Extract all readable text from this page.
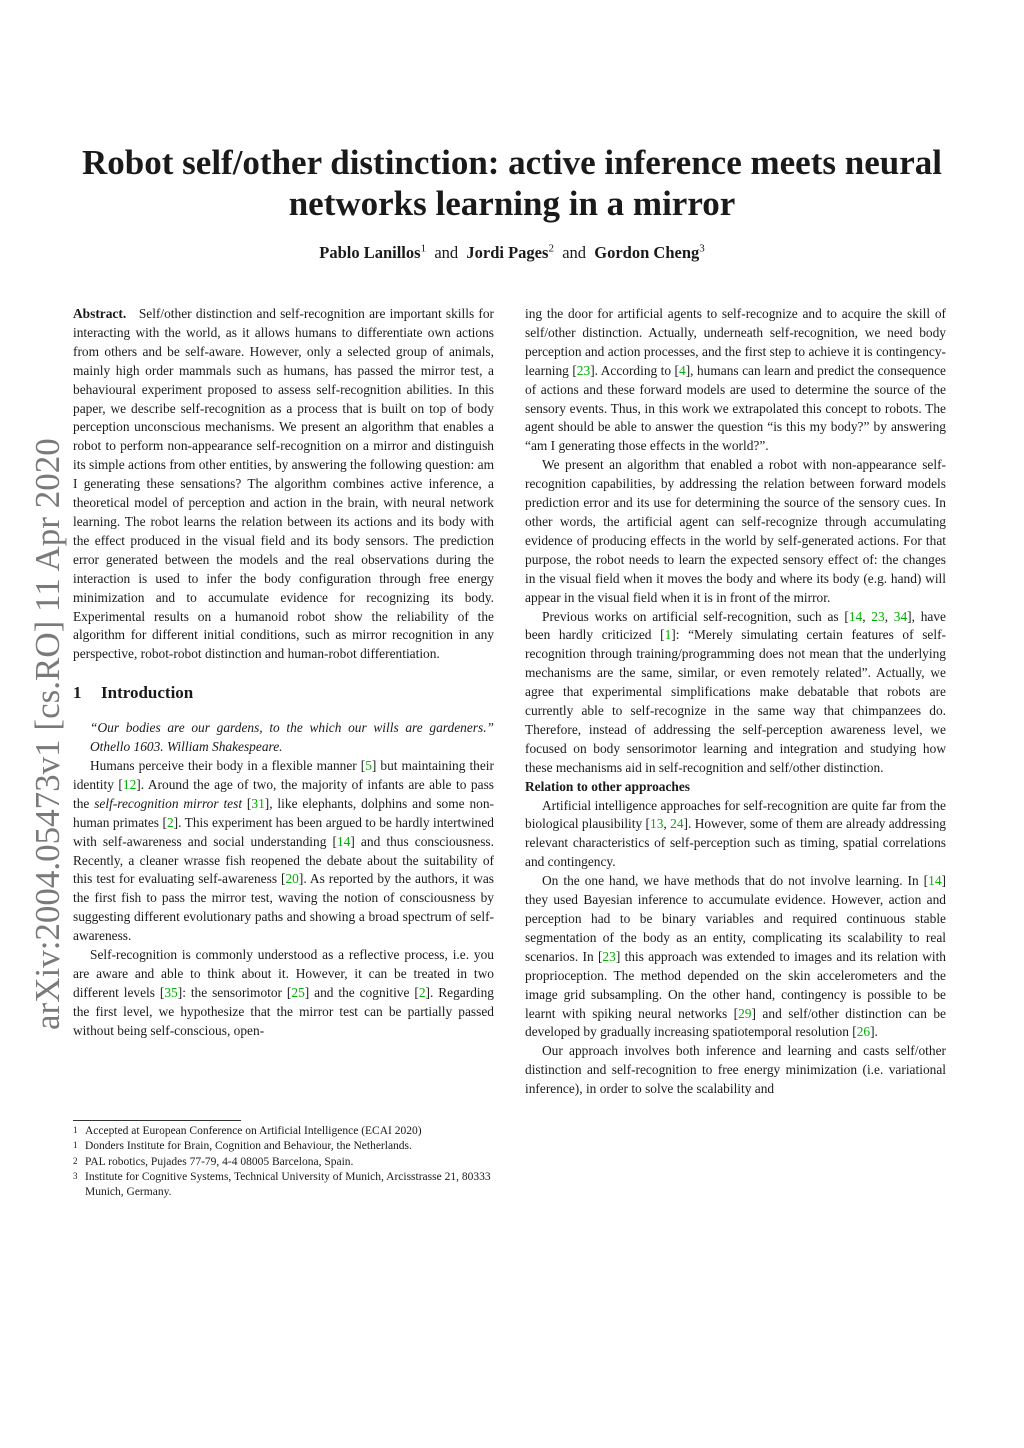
arXiv:2004.05473v1 [cs.RO] 11 Apr 2020
Robot self/other distinction: active inference meets neural networks learning in a mirror
Pablo Lanillos$^1$ and Jordi Pages$^2$ and Gordon Cheng$^3$

Abstract. Self/other distinction and self-recognition are important skills for interacting with the world, as it allows humans to differentiate own actions from others and be self-aware. However, only a selected group of animals, mainly high order mammals such as humans, has passed the mirror test, a behavioural experiment proposed to assess self-recognition abilities. In this paper, we describe self-recognition as a process that is built on top of body perception unconscious mechanisms. We present an algorithm that enables a robot to perform non-appearance self-recognition on a mirror and distinguish its simple actions from other entities, by answering the following question: am I generating these sensations? The algorithm combines active inference, a theoretical model of perception and action in the brain, with neural network learning. The robot learns the relation between its actions and its body with the effect produced in the visual field and its body sensors. The prediction error generated between the models and the real observations during the interaction is used to infer the body configuration through free energy minimization and to accumulate evidence for recognizing its body. Experimental results on a humanoid robot show the reliability of the algorithm for different initial conditions, such as mirror recognition in any perspective, robot-robot distinction and human-robot differentiation.

1 Introduction

“Our bodies are our gardens, to the which our wills are gardeners.” Othello 1603. William Shakespeare.

Humans perceive their body in a flexible manner [5] but maintaining their identity [12]. Around the age of two, the majority of infants are able to pass the self-recognition mirror test [31], like elephants, dolphins and some non-human primates [2]. This experiment has been argued to be hardly intertwined with self-awareness and social understanding [14] and thus consciousness. Recently, a cleaner wrasse fish reopened the debate about the suitability of this test for evaluating self-awareness [20]. As reported by the authors, it was the first fish to pass the mirror test, waving the notion of consciousness by suggesting different evolutionary paths and showing a broad spectrum of self-awareness.

Self-recognition is commonly understood as a reflective process, i.e. you are aware and able to think about it. However, it can be treated in two different levels [35]: the sensorimotor [25] and the cognitive [2]. Regarding the first level, we hypothesize that the mirror test can be partially passed without being self-conscious, open-

1 Accepted at European Conference on Artificial Intelligence (ECAI 2020)
1 Donders Institute for Brain, Cognition and Behaviour, the Netherlands.
2 PAL robotics, Pujades 77-79, 4-4 08005 Barcelona, Spain.
3 Institute for Cognitive Systems, Technical University of Munich, Arcisstrasse 21, 80333 Munich, Germany.

ing the door for artificial agents to self-recognize and to acquire the skill of self/other distinction. Actually, underneath self-recognition, we need body perception and action processes, and the first step to achieve it is contingency-learning [23]. According to [4], humans can learn and predict the consequence of actions and these forward models are used to determine the source of the sensory events. Thus, in this work we extrapolated this concept to robots. The agent should be able to answer the question “is this my body?” by answering “am I generating those effects in the world?”.

We present an algorithm that enabled a robot with non-appearance self-recognition capabilities, by addressing the relation between forward models prediction error and its use for determining the source of the sensory cues. In other words, the artificial agent can self-recognize through accumulating evidence of producing effects in the world by self-generated actions. For that purpose, the robot needs to learn the expected sensory effect of: the changes in the visual field when it moves the body and where its body (e.g. hand) will appear in the visual field when it is in front of the mirror.

Previous works on artificial self-recognition, such as [14, 23, 34], have been hardly criticized [1]: “Merely simulating certain features of self-recognition through training/programming does not mean that the underlying mechanisms are the same, similar, or even remotely related”. Actually, we agree that experimental simplifications make debatable that robots are currently able to self-recognize in the same way that chimpanzees do. Therefore, instead of addressing the self-perception awareness level, we focused on body sensorimotor learning and integration and studying how these mechanisms aid in self-recognition and self/other distinction.

Relation to other approaches

Artificial intelligence approaches for self-recognition are quite far from the biological plausibility [13, 24]. However, some of them are already addressing relevant characteristics of self-perception such as timing, spatial correlations and contingency.

On the one hand, we have methods that do not involve learning. In [14] they used Bayesian inference to accumulate evidence. However, action and perception had to be binary variables and required continuous stable segmentation of the body as an entity, complicating its scalability to real scenarios. In [23] this approach was extended to images and its relation with proprioception. The method depended on the skin accelerometers and the image grid subsampling. On the other hand, contingency is possible to be learnt with spiking neural networks [29] and self/other distinction can be developed by gradually increasing spatiotemporal resolution [26].

Our approach involves both inference and learning and casts self/other distinction and self-recognition to free energy minimization (i.e. variational inference), in order to solve the scalability and
